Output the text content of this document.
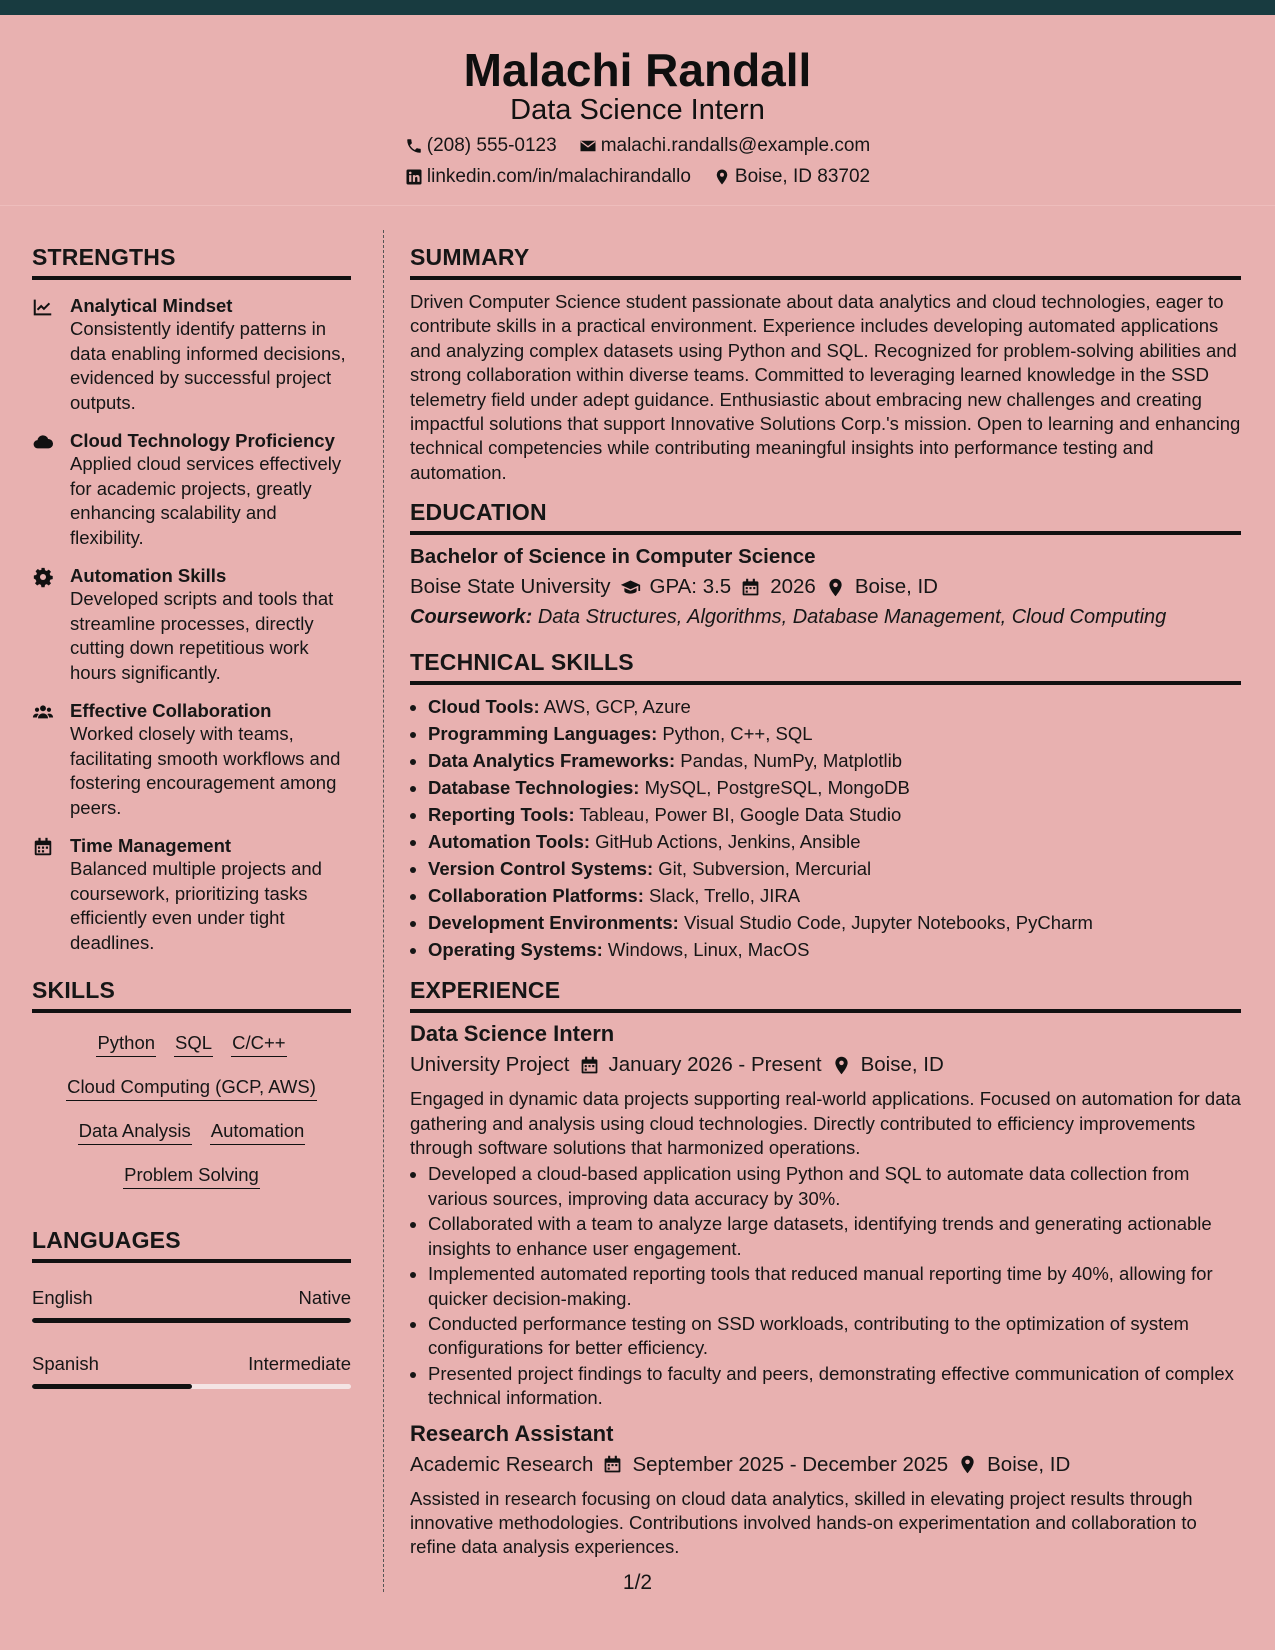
Malachi Randall
Data Science Intern
(208) 555-0123 malachi.randalls@example.com
linkedin.com/in/malachirandallo Boise, ID 83702
STRENGTHS
Analytical Mindset
Consistently identify patterns in data enabling informed decisions, evidenced by successful project outputs.
Cloud Technology Proficiency
Applied cloud services effectively for academic projects, greatly enhancing scalability and flexibility.
Automation Skills
Developed scripts and tools that streamline processes, directly cutting down repetitious work hours significantly.
Effective Collaboration
Worked closely with teams, facilitating smooth workflows and fostering encouragement among peers.
Time Management
Balanced multiple projects and coursework, prioritizing tasks efficiently even under tight deadlines.
SKILLS
Python SQL C/C++
Cloud Computing (GCP, AWS)
Data Analysis Automation
Problem Solving
LANGUAGES
English	Native
Spanish	Intermediate
SUMMARY

Driven Computer Science student passionate about data analytics and cloud technologies, eager to contribute skills in a practical environment. Experience includes developing automated applications and analyzing complex datasets using Python and SQL. Recognized for problem-solving abilities and strong collaboration within diverse teams. Committed to leveraging learned knowledge in the SSD telemetry field under adept guidance. Enthusiastic about embracing new challenges and creating impactful solutions that support Innovative Solutions Corp.'s mission. Open to learning and enhancing technical competencies while contributing meaningful insights into performance testing and automation.

EDUCATION
Bachelor of Science in Computer Science
Boise State University GPA: 3.5 2026 Boise, ID
Coursework: Data Structures, Algorithms, Database Management, Cloud Computing
TECHNICAL SKILLS
• Cloud Tools: AWS, GCP, Azure
• Programming Languages: Python, C++, SQL
• Data Analytics Frameworks: Pandas, NumPy, Matplotlib
• Database Technologies: MySQL, PostgreSQL, MongoDB
• Reporting Tools: Tableau, Power BI, Google Data Studio
• Automation Tools: GitHub Actions, Jenkins, Ansible
• Version Control Systems: Git, Subversion, Mercurial
• Collaboration Platforms: Slack, Trello, JIRA
• Development Environments: Visual Studio Code, Jupyter Notebooks, PyCharm
• Operating Systems: Windows, Linux, MacOS
EXPERIENCE
Data Science Intern
University Project January 2026 - Present Boise, ID

Engaged in dynamic data projects supporting real-world applications. Focused on automation for data gathering and analysis using cloud technologies. Directly contributed to efficiency improvements through software solutions that harmonized operations.

• Developed a cloud-based application using Python and SQL to automate data collection from various sources, improving data accuracy by 30%.
• Collaborated with a team to analyze large datasets, identifying trends and generating actionable insights to enhance user engagement.
• Implemented automated reporting tools that reduced manual reporting time by 40%, allowing for quicker decision-making.
• Conducted performance testing on SSD workloads, contributing to the optimization of system configurations for better efficiency.
• Presented project findings to faculty and peers, demonstrating effective communication of complex technical information.
Research Assistant
Academic Research September 2025 - December 2025 Boise, ID

Assisted in research focusing on cloud data analytics, skilled in elevating project results through innovative methodologies. Contributions involved hands-on experimentation and collaboration to refine data analysis experiences.

1/2
